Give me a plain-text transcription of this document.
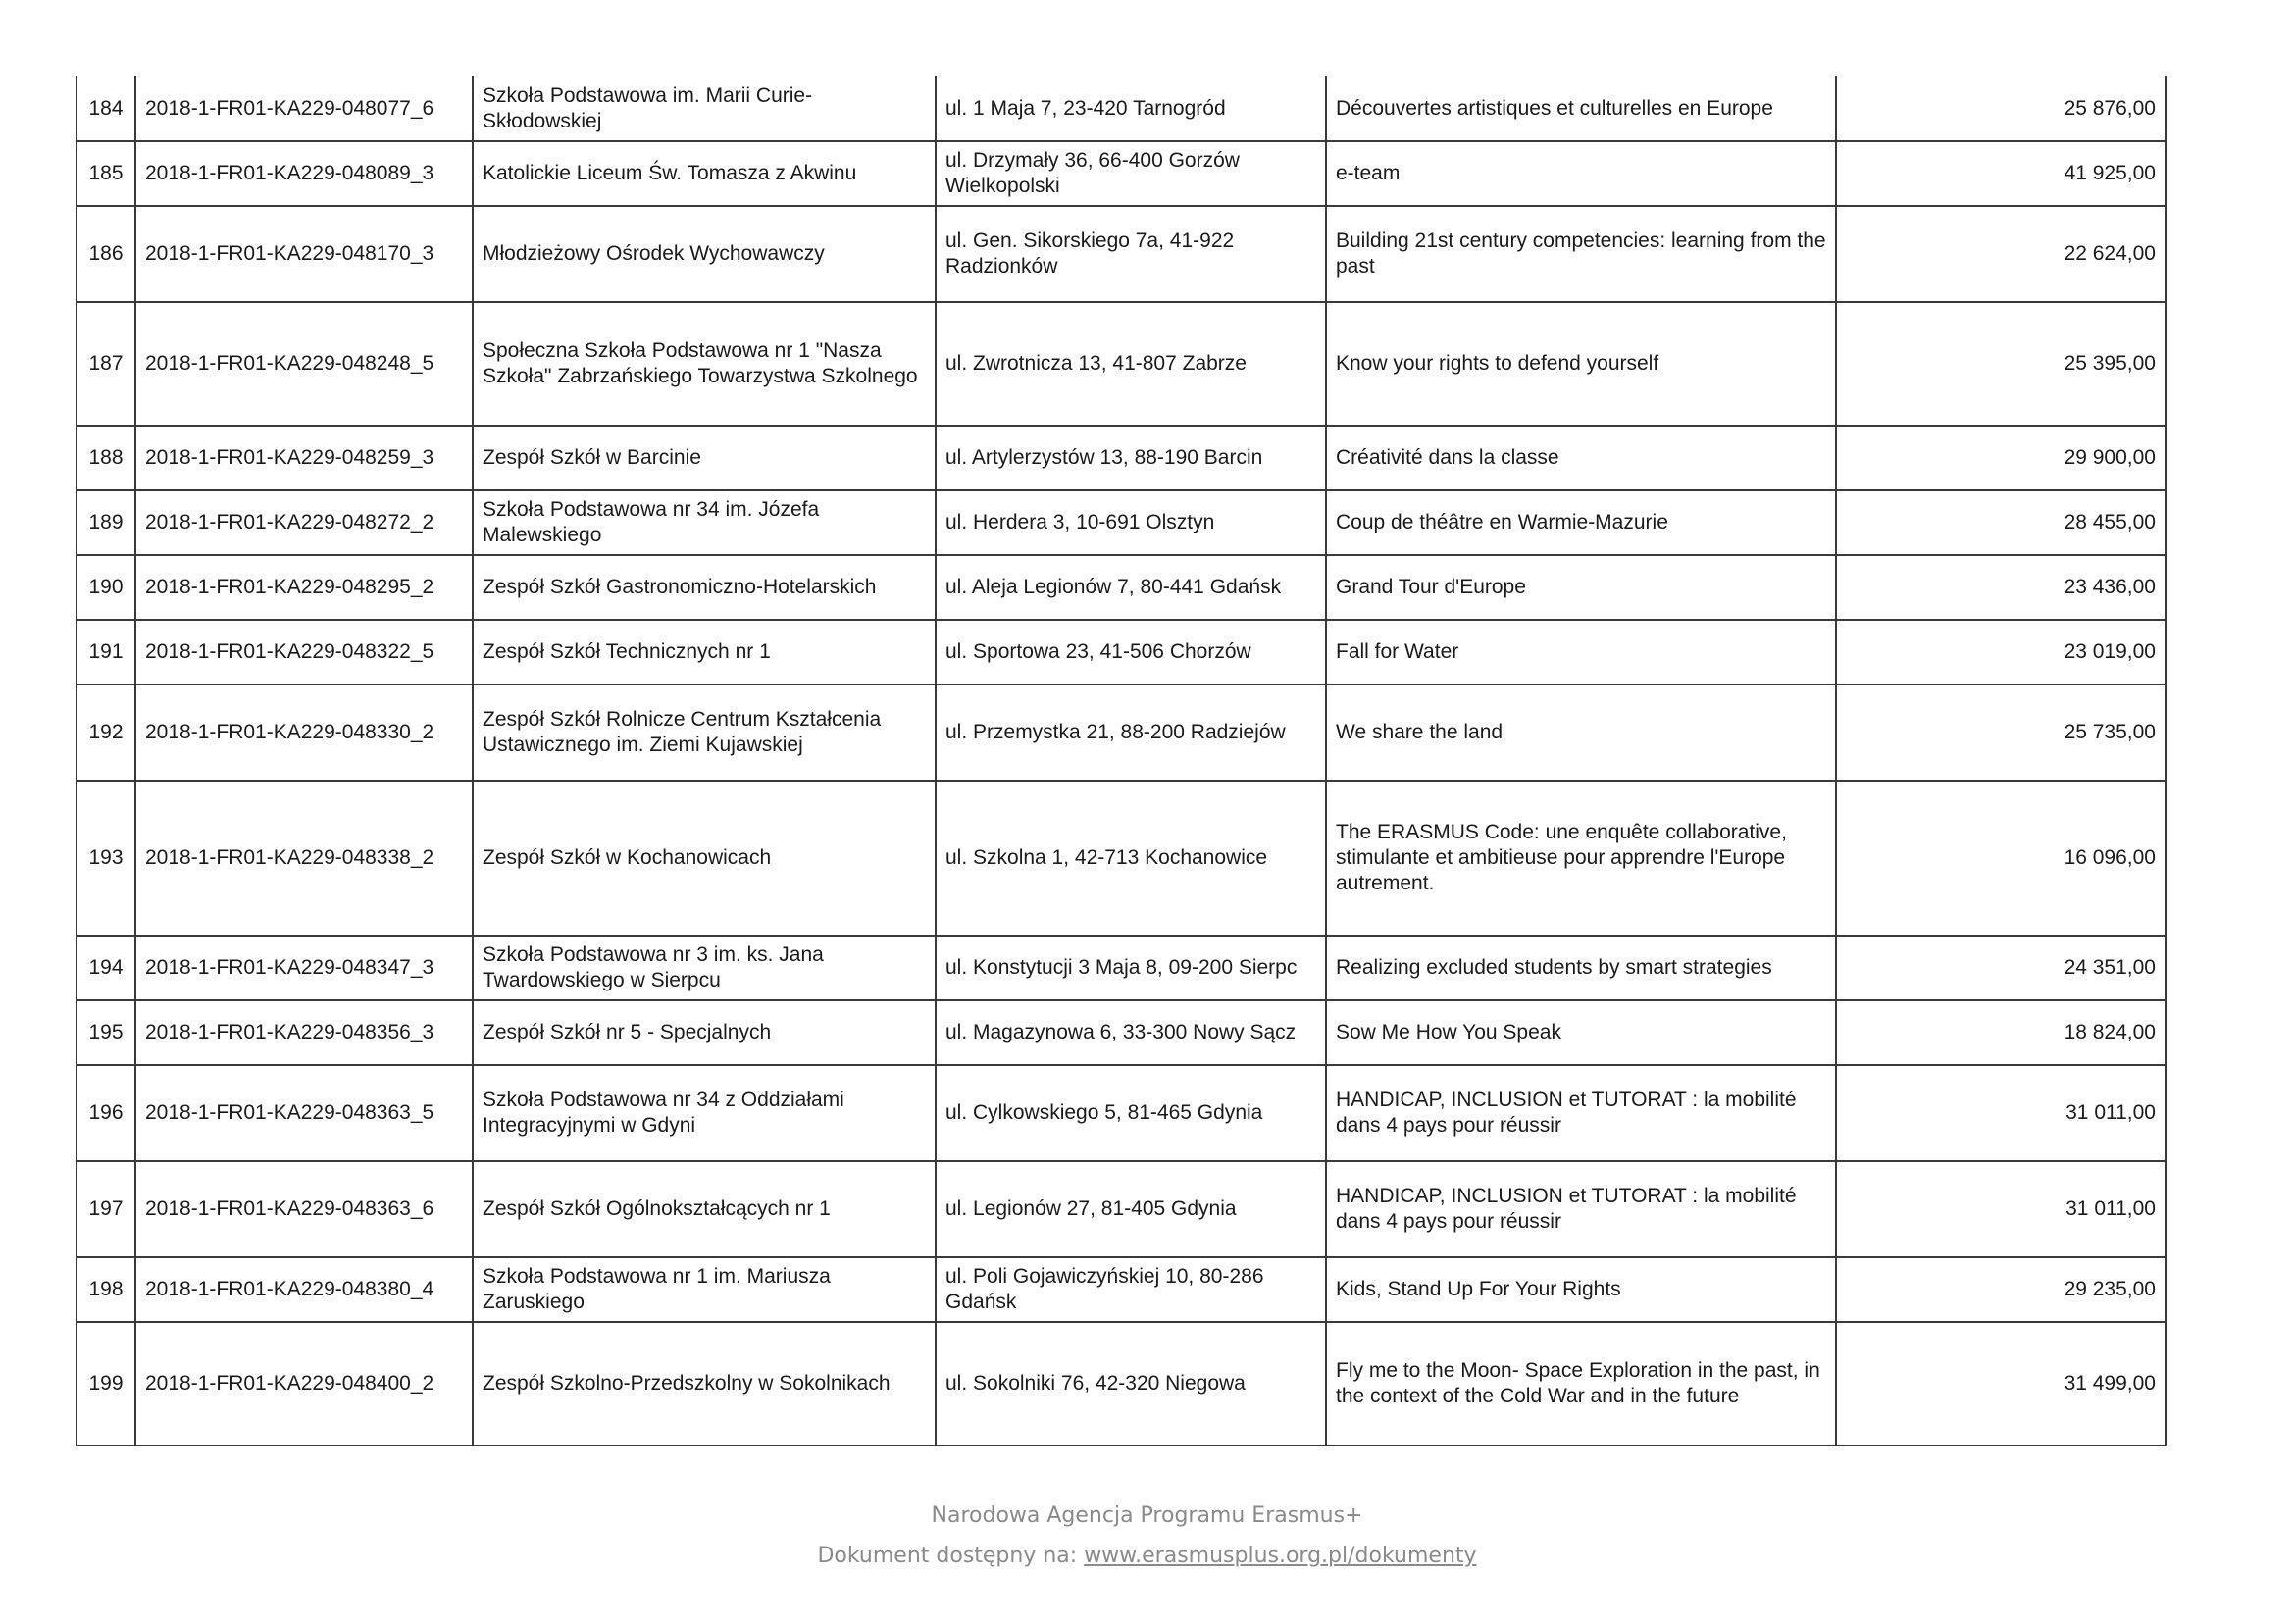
184	2018-1-FR01-KA229-048077_6	Szkoła Podstawowa im. Marii Curie-Skłodowskiej	ul. 1 Maja 7, 23-420 Tarnogród	Découvertes artistiques et culturelles en Europe	25 876,00
185	2018-1-FR01-KA229-048089_3	Katolickie Liceum Św. Tomasza z Akwinu	ul. Drzymały 36, 66-400 Gorzów Wielkopolski	e-team	41 925,00
186	2018-1-FR01-KA229-048170_3	Młodzieżowy Ośrodek Wychowawczy	ul. Gen. Sikorskiego 7a, 41-922 Radzionków	Building 21st century competencies: learning from the past	22 624,00
187	2018-1-FR01-KA229-048248_5	Społeczna Szkoła Podstawowa nr 1 "Nasza Szkoła" Zabrzańskiego Towarzystwa Szkolnego	ul. Zwrotnicza 13, 41-807 Zabrze	Know your rights to defend yourself	25 395,00
188	2018-1-FR01-KA229-048259_3	Zespół Szkół w Barcinie	ul. Artylerzystów 13, 88-190 Barcin	Créativité dans la classe	29 900,00
189	2018-1-FR01-KA229-048272_2	Szkoła Podstawowa nr 34 im. Józefa Malewskiego	ul. Herdera 3, 10-691 Olsztyn	Coup de théâtre en Warmie-Mazurie	28 455,00
190	2018-1-FR01-KA229-048295_2	Zespół Szkół Gastronomiczno-Hotelarskich	ul. Aleja Legionów 7, 80-441 Gdańsk	Grand Tour d'Europe	23 436,00
191	2018-1-FR01-KA229-048322_5	Zespół Szkół Technicznych nr 1	ul. Sportowa 23, 41-506 Chorzów	Fall for Water	23 019,00
192	2018-1-FR01-KA229-048330_2	Zespół Szkół Rolnicze Centrum Kształcenia Ustawicznego im. Ziemi Kujawskiej	ul. Przemystka 21, 88-200 Radziejów	We share the land	25 735,00
193	2018-1-FR01-KA229-048338_2	Zespół Szkół w Kochanowicach	ul. Szkolna 1, 42-713 Kochanowice	The ERASMUS Code: une enquête collaborative, stimulante et ambitieuse pour apprendre l'Europe autrement.	16 096,00
194	2018-1-FR01-KA229-048347_3	Szkoła Podstawowa nr 3 im. ks. Jana Twardowskiego w Sierpcu	ul. Konstytucji 3 Maja 8, 09-200 Sierpc	Realizing excluded students by smart strategies	24 351,00
195	2018-1-FR01-KA229-048356_3	Zespół Szkół nr 5 - Specjalnych	ul. Magazynowa 6, 33-300 Nowy Sącz	Sow Me How You Speak	18 824,00
196	2018-1-FR01-KA229-048363_5	Szkoła Podstawowa nr 34 z Oddziałami Integracyjnymi w Gdyni	ul. Cylkowskiego 5, 81-465 Gdynia	HANDICAP, INCLUSION et TUTORAT : la mobilité dans 4 pays pour réussir	31 011,00
197	2018-1-FR01-KA229-048363_6	Zespół Szkół Ogólnokształcących nr 1	ul. Legionów 27, 81-405 Gdynia	HANDICAP, INCLUSION et TUTORAT : la mobilité dans 4 pays pour réussir	31 011,00
198	2018-1-FR01-KA229-048380_4	Szkoła Podstawowa nr 1 im. Mariusza Zaruskiego	ul. Poli Gojawiczyńskiej 10, 80-286 Gdańsk	Kids, Stand Up For Your Rights	29 235,00
199	2018-1-FR01-KA229-048400_2	Zespół Szkolno-Przedszkolny w Sokolnikach	ul. Sokolniki 76, 42-320 Niegowa	Fly me to the Moon- Space Exploration in the past, in the context of the Cold War and in the future	31 499,00
Narodowa Agencja Programu Erasmus+
Dokument dostępny na: www.erasmusplus.org.pl/dokumenty
